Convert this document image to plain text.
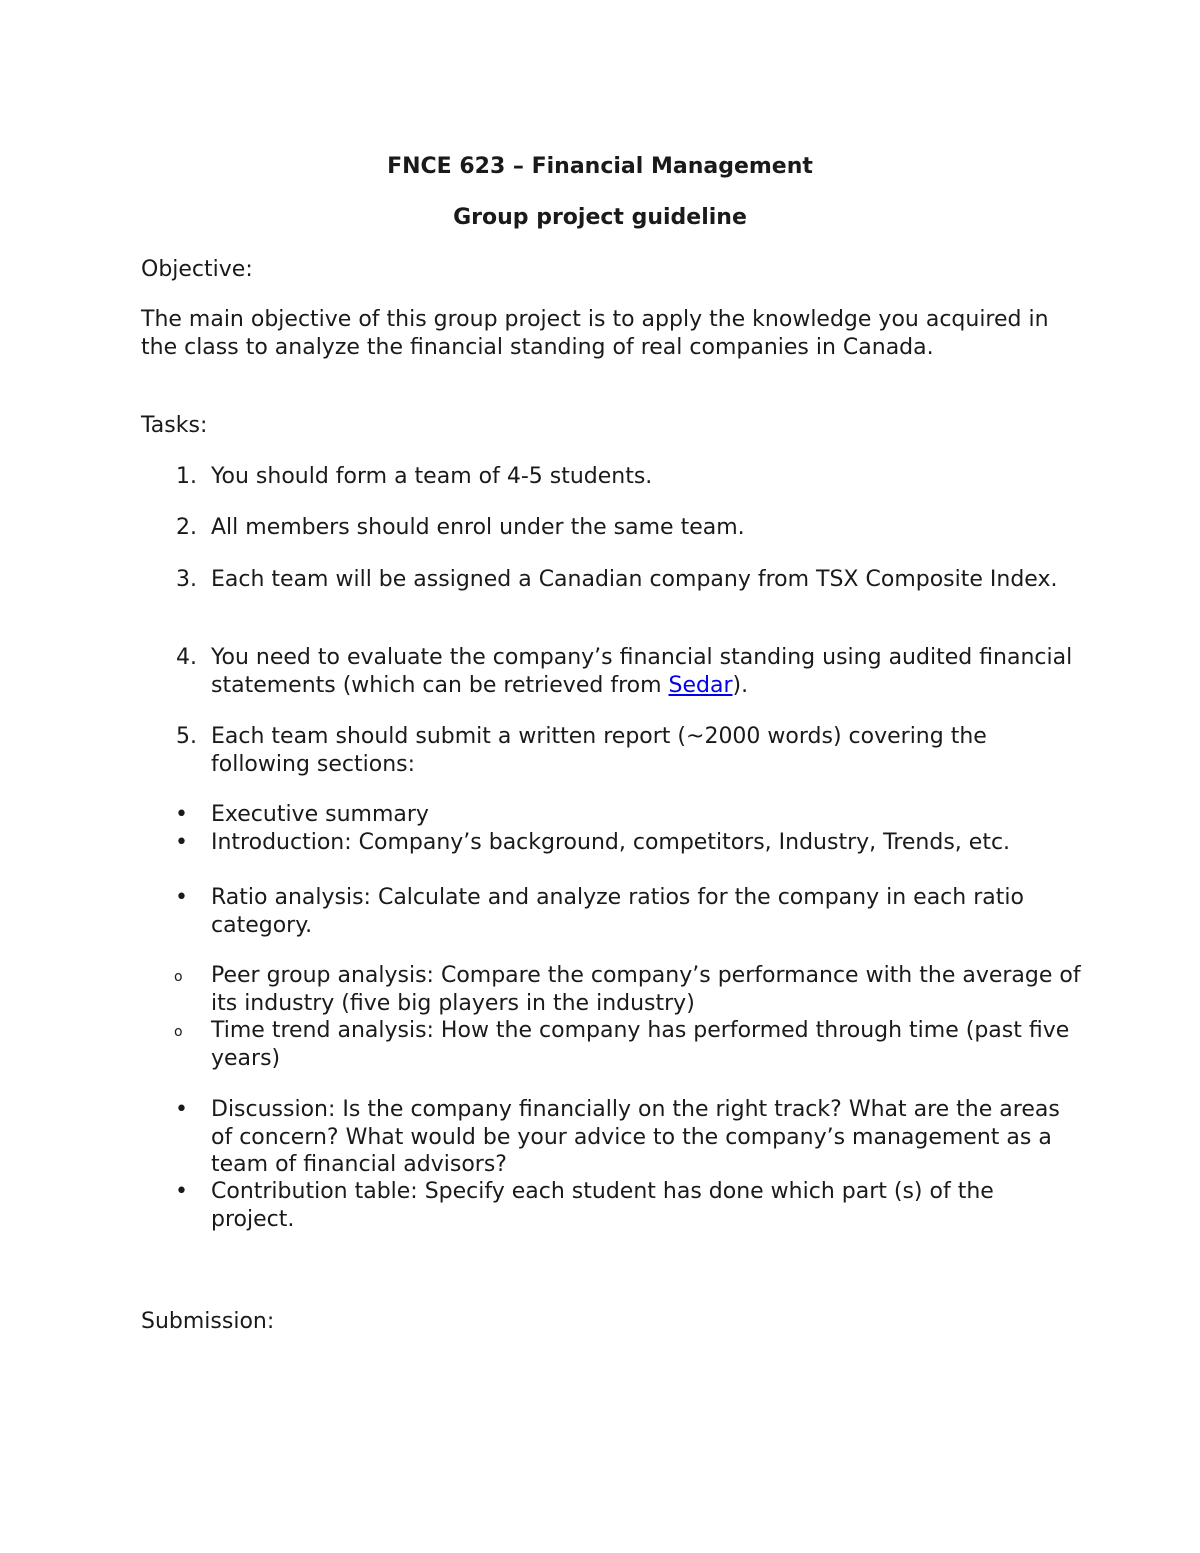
FNCE 623 – Financial Management
Group project guideline

Objective:

The main objective of this group project is to apply the knowledge you acquired in the class to analyze the financial standing of real companies in Canada.

Tasks:

1. You should form a team of 4-5 students.
2. All members should enrol under the same team.
3. Each team will be assigned a Canadian company from TSX Composite Index.
4. You need to evaluate the company’s financial standing using audited financial statements (which can be retrieved from Sedar).
5. Each team should submit a written report (~2000 words) covering the following sections:
• Executive summary
• Introduction: Company’s background, competitors, Industry, Trends, etc.
• Ratio analysis: Calculate and analyze ratios for the company in each ratio category.
o Peer group analysis: Compare the company’s performance with the average of its industry (five big players in the industry)
o Time trend analysis: How the company has performed through time (past five years)
• Discussion: Is the company financially on the right track? What are the areas of concern? What would be your advice to the company’s management as a team of financial advisors?
• Contribution table: Specify each student has done which part (s) of the project.

Submission:
